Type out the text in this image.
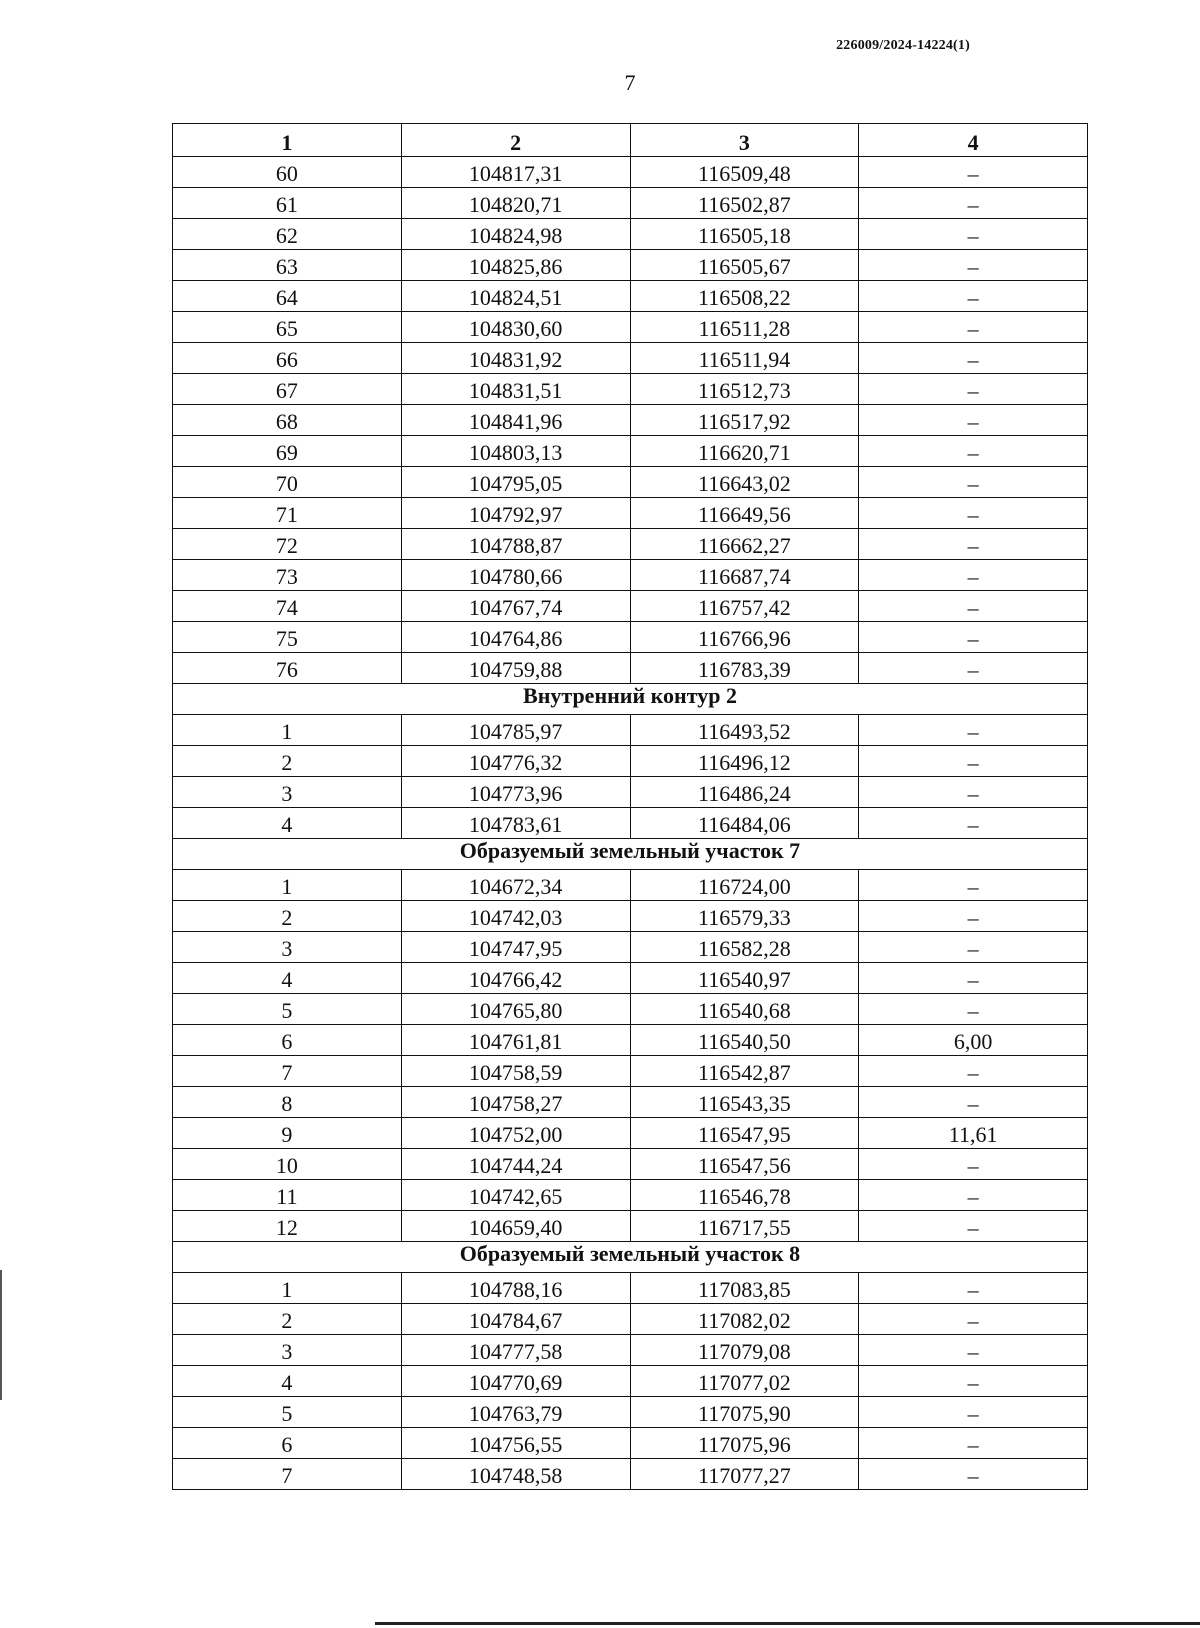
226009/2024-14224(1)
7
1	2	3	4
60	104817,31	116509,48	–
61	104820,71	116502,87	–
62	104824,98	116505,18	–
63	104825,86	116505,67	–
64	104824,51	116508,22	–
65	104830,60	116511,28	–
66	104831,92	116511,94	–
67	104831,51	116512,73	–
68	104841,96	116517,92	–
69	104803,13	116620,71	–
70	104795,05	116643,02	–
71	104792,97	116649,56	–
72	104788,87	116662,27	–
73	104780,66	116687,74	–
74	104767,74	116757,42	–
75	104764,86	116766,96	–
76	104759,88	116783,39	–
Внутренний контур 2			
1	104785,97	116493,52	–
2	104776,32	116496,12	–
3	104773,96	116486,24	–
4	104783,61	116484,06	–
Образуемый земельный участок 7			
1	104672,34	116724,00	–
2	104742,03	116579,33	–
3	104747,95	116582,28	–
4	104766,42	116540,97	–
5	104765,80	116540,68	–
6	104761,81	116540,50	6,00
7	104758,59	116542,87	–
8	104758,27	116543,35	–
9	104752,00	116547,95	11,61
10	104744,24	116547,56	–
11	104742,65	116546,78	–
12	104659,40	116717,55	–
Образуемый земельный участок 8			
1	104788,16	117083,85	–
2	104784,67	117082,02	–
3	104777,58	117079,08	–
4	104770,69	117077,02	–
5	104763,79	117075,90	–
6	104756,55	117075,96	–
7	104748,58	117077,27	–
